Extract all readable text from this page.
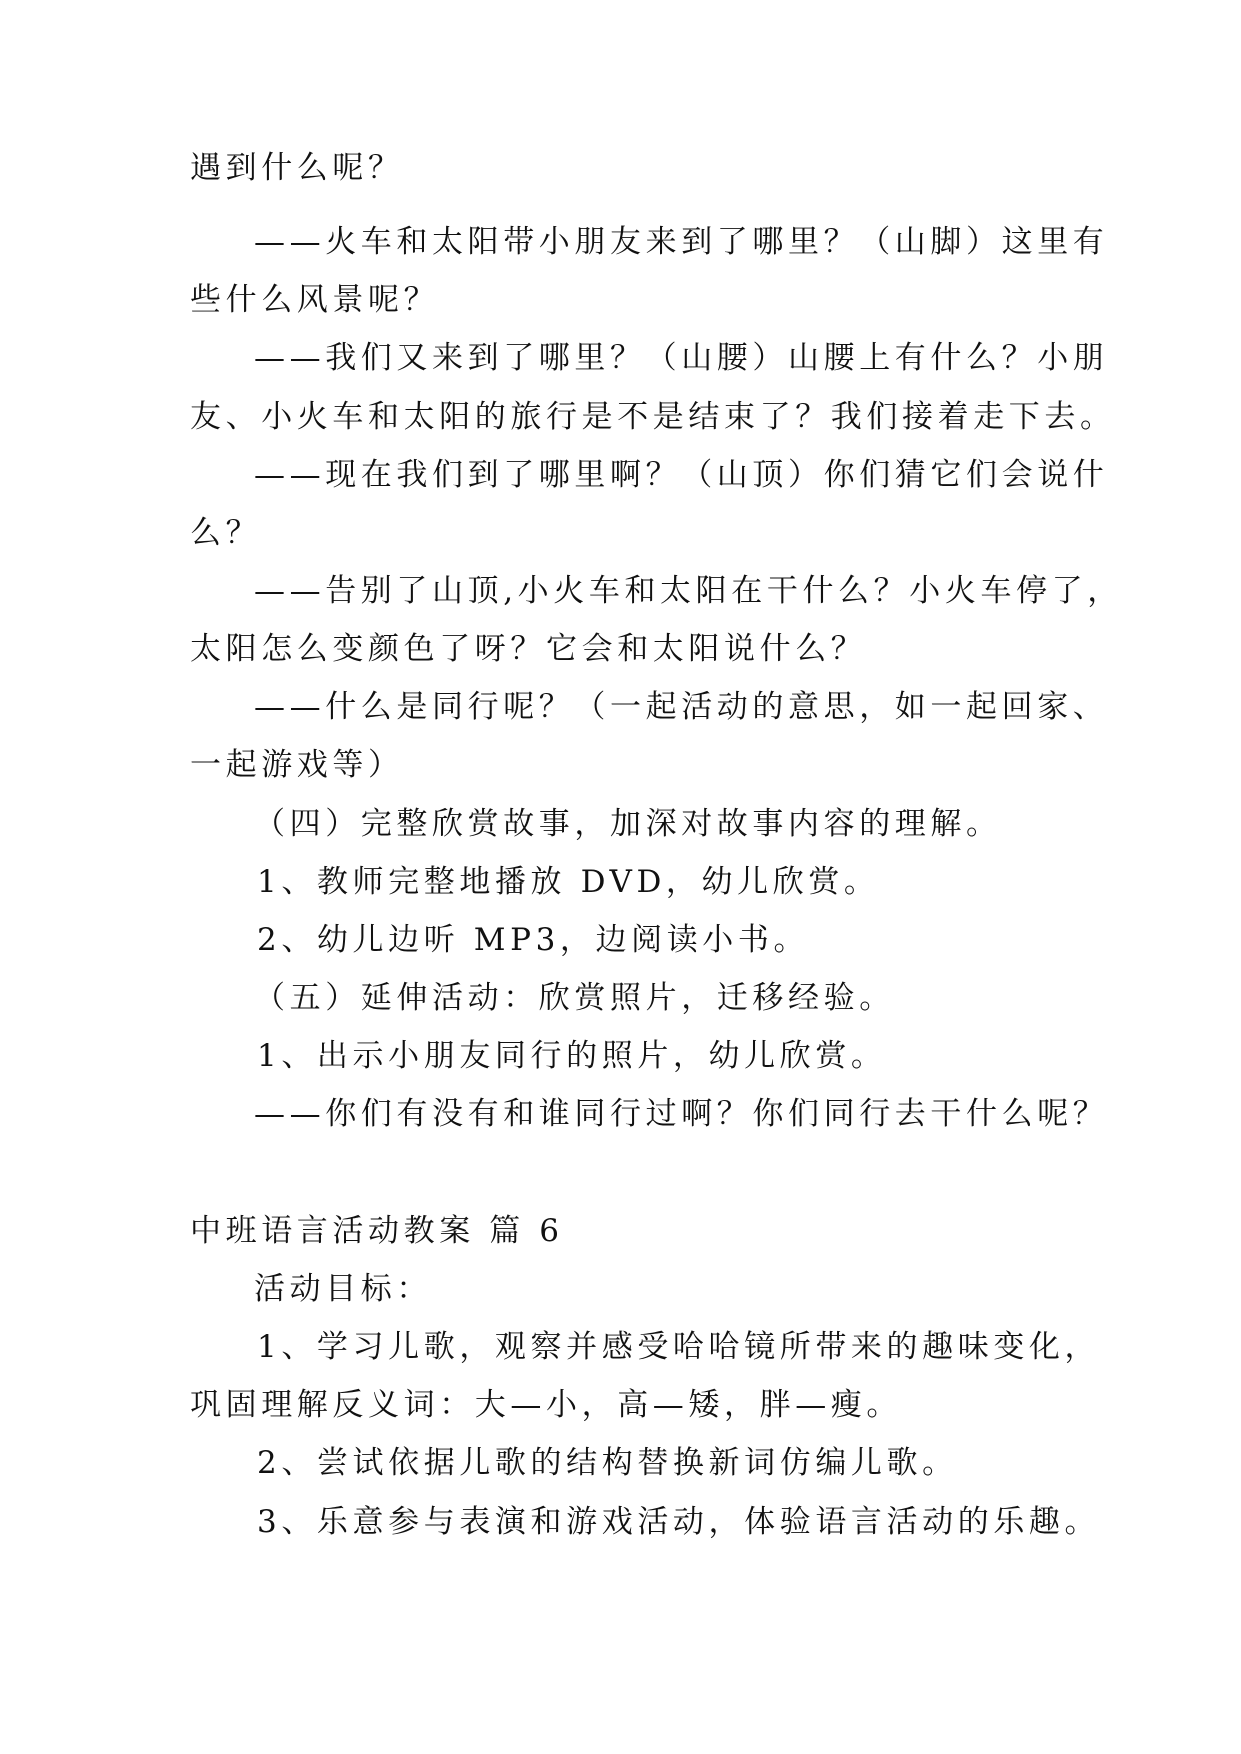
遇到什么呢？
——火车和太阳带小朋友来到了哪里？（山脚）这里有
些什么风景呢？
——我们又来到了哪里？（山腰）山腰上有什么？小朋
友、小火车和太阳的旅行是不是结束了？我们接着走下去。
——现在我们到了哪里啊？（山顶）你们猜它们会说什
么？
——告别了山顶,小火车和太阳在干什么？小火车停了，
太阳怎么变颜色了呀？它会和太阳说什么？
——什么是同行呢？（一起活动的意思，如一起回家、
一起游戏等）
（四）完整欣赏故事，加深对故事内容的理解。
1、教师完整地播放 DVD，幼儿欣赏。
2、幼儿边听 MP3，边阅读小书。
（五）延伸活动：欣赏照片，迁移经验。
1、出示小朋友同行的照片，幼儿欣赏。
——你们有没有和谁同行过啊？你们同行去干什么呢？
中班语言活动教案 篇 6
活动目标：
1、学习儿歌，观察并感受哈哈镜所带来的趣味变化，
巩固理解反义词：大—小，高—矮，胖—瘦。
2、尝试依据儿歌的结构替换新词仿编儿歌。
3、乐意参与表演和游戏活动，体验语言活动的乐趣。
